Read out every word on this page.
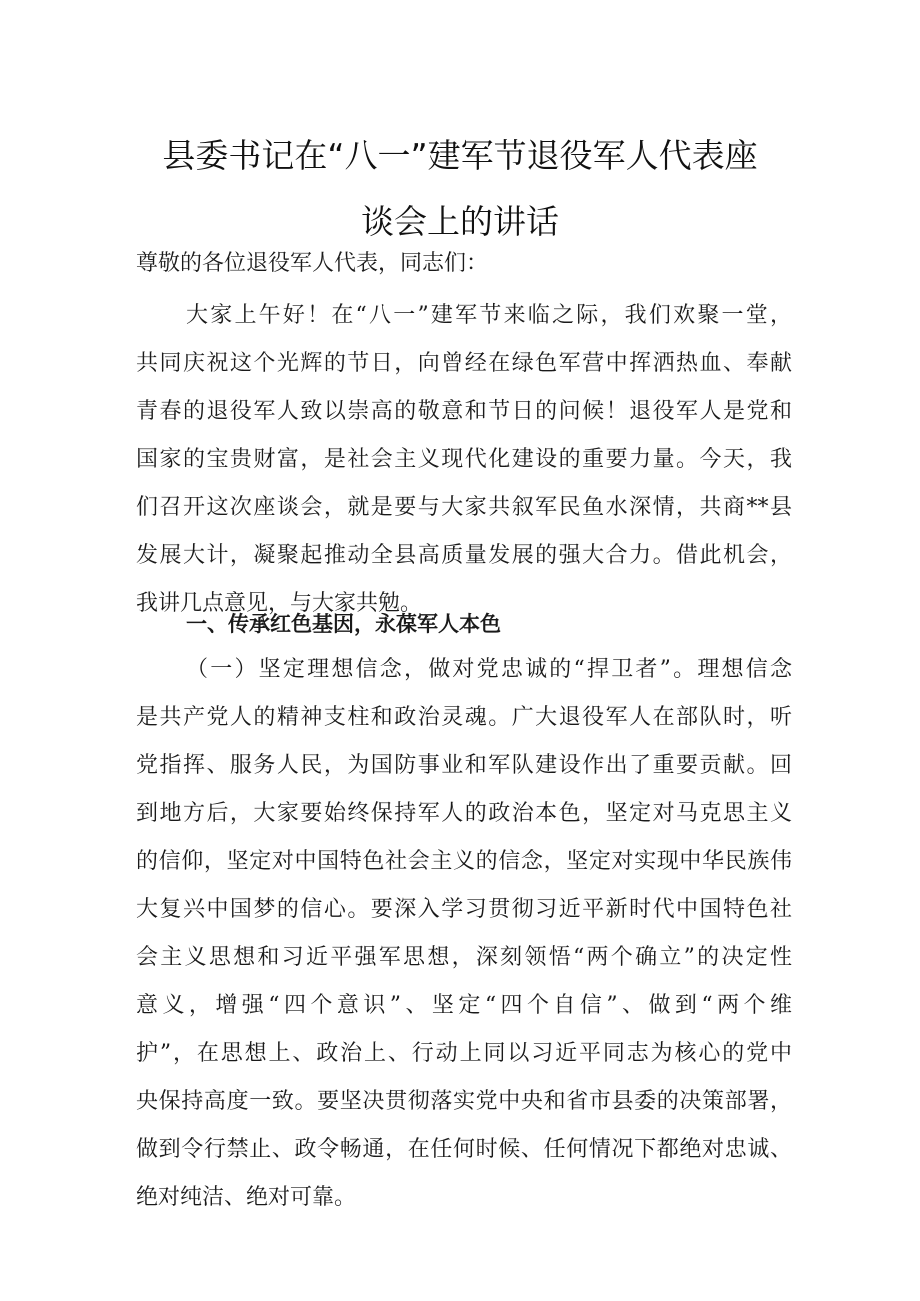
县委书记在“八一”建军节退役军人代表座
谈会上的讲话
尊敬的各位退役军人代表，同志们：
大家上午好！在“八一”建军节来临之际，我们欢聚一堂，
共同庆祝这个光辉的节日，向曾经在绿色军营中挥洒热血、奉献
青春的退役军人致以崇高的敬意和节日的问候！退役军人是党和
国家的宝贵财富，是社会主义现代化建设的重要力量。今天，我
们召开这次座谈会，就是要与大家共叙军民鱼水深情，共商**县
发展大计，凝聚起推动全县高质量发展的强大合力。借此机会，
我讲几点意见，与大家共勉。
一、传承红色基因，永葆军人本色
（一）坚定理想信念，做对党忠诚的“捍卫者”。理想信念
是共产党人的精神支柱和政治灵魂。广大退役军人在部队时，听
党指挥、服务人民，为国防事业和军队建设作出了重要贡献。回
到地方后，大家要始终保持军人的政治本色，坚定对马克思主义
的信仰，坚定对中国特色社会主义的信念，坚定对实现中华民族伟
大复兴中国梦的信心。要深入学习贯彻习近平新时代中国特色社
会主义思想和习近平强军思想，深刻领悟“两个确立”的决定性
意义，增强“四个意识”、坚定“四个自信”、做到“两个维
护”，在思想上、政治上、行动上同以习近平同志为核心的党中
央保持高度一致。要坚决贯彻落实党中央和省市县委的决策部署，
做到令行禁止、政令畅通，在任何时候、任何情况下都绝对忠诚、
绝对纯洁、绝对可靠。
